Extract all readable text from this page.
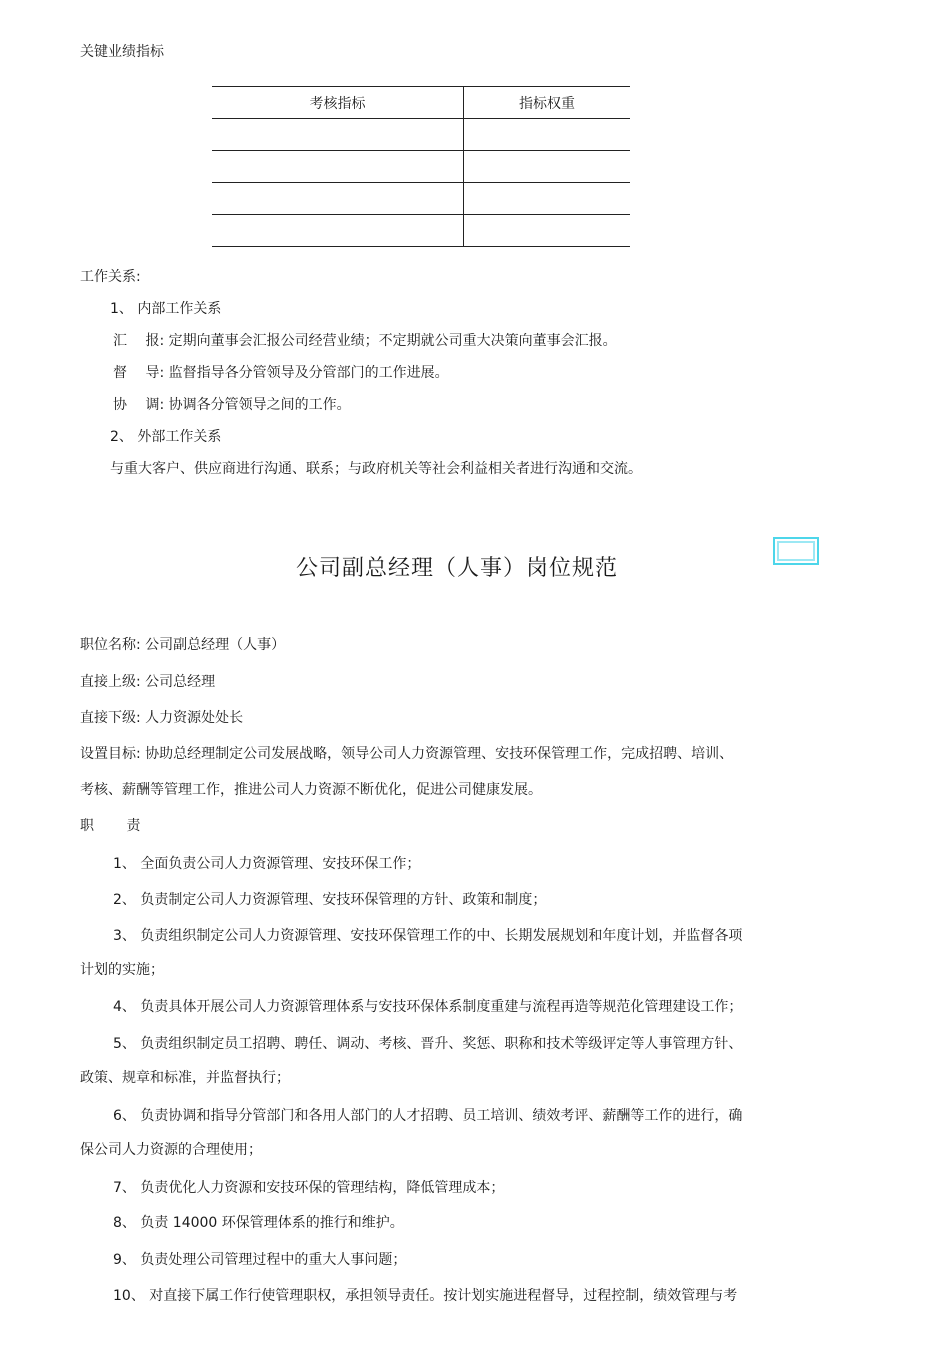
关键业绩指标
考核指标	指标权重

工作关系:
1、 内部工作关系
汇　 报: 定期向董事会汇报公司经营业绩；不定期就公司重大决策向董事会汇报。
督　 导: 监督指导各分管领导及分管部门的工作进展。
协　 调: 协调各分管领导之间的工作。
2、 外部工作关系
与重大客户、供应商进行沟通、联系；与政府机关等社会利益相关者进行沟通和交流。
公司副总经理（人事）岗位规范
职位名称: 公司副总经理（人事）
直接上级: 公司总经理
直接下级: 人力资源处处长
设置目标: 协助总经理制定公司发展战略，领导公司人力资源管理、安技环保管理工作，完成招聘、培训、
考核、薪酬等管理工作，推进公司人力资源不断优化，促进公司健康发展。
职　　 责
1、 全面负责公司人力资源管理、安技环保工作；
2、 负责制定公司人力资源管理、安技环保管理的方针、政策和制度；
3、 负责组织制定公司人力资源管理、安技环保管理工作的中、长期发展规划和年度计划，并监督各项
计划的实施；
4、 负责具体开展公司人力资源管理体系与安技环保体系制度重建与流程再造等规范化管理建设工作；
5、 负责组织制定员工招聘、聘任、调动、考核、晋升、奖惩、职称和技术等级评定等人事管理方针、
政策、规章和标准，并监督执行；
6、 负责协调和指导分管部门和各用人部门的人才招聘、员工培训、绩效考评、薪酬等工作的进行，确
保公司人力资源的合理使用；
7、 负责优化人力资源和安技环保的管理结构，降低管理成本；
8、 负责 14000 环保管理体系的推行和维护。
9、 负责处理公司管理过程中的重大人事问题；
10、 对直接下属工作行使管理职权，承担领导责任。按计划实施进程督导，过程控制，绩效管理与考
